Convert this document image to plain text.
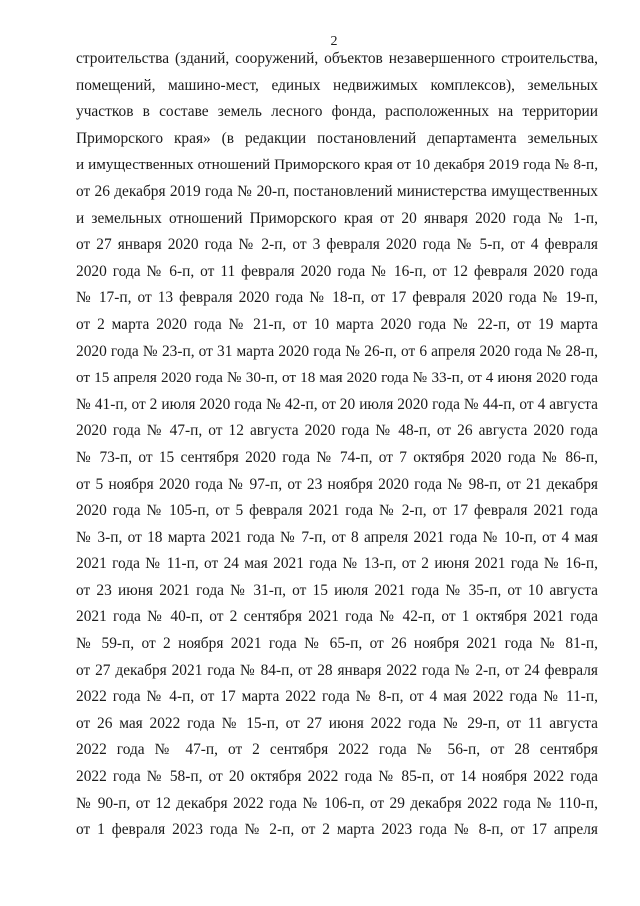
2
строительства (зданий, сооружений, объектов незавершенного строительства,
помещений, машино-мест, единых недвижимых комплексов), земельных
участков в составе земель лесного фонда, расположенных на территории
Приморского края» (в редакции постановлений департамента земельных
и имущественных отношений Приморского края от 10 декабря 2019 года № 8-п,
от 26 декабря 2019 года № 20-п, постановлений министерства имущественных
и земельных отношений Приморского края от 20 января 2020 года № 1-п,
от 27 января 2020 года № 2-п, от 3 февраля 2020 года № 5-п, от 4 февраля
2020 года № 6-п, от 11 февраля 2020 года № 16-п, от 12 февраля 2020 года
№ 17-п, от 13 февраля 2020 года № 18-п, от 17 февраля 2020 года № 19-п,
от 2 марта 2020 года № 21-п, от 10 марта 2020 года № 22-п, от 19 марта
2020 года № 23-п, от 31 марта 2020 года № 26-п, от 6 апреля 2020 года № 28-п,
от 15 апреля 2020 года № 30-п, от 18 мая 2020 года № 33-п, от 4 июня 2020 года
№ 41-п, от 2 июля 2020 года № 42-п, от 20 июля 2020 года № 44-п, от 4 августа
2020 года № 47-п, от 12 августа 2020 года № 48-п, от 26 августа 2020 года
№ 73-п, от 15 сентября 2020 года № 74-п, от 7 октября 2020 года № 86-п,
от 5 ноября 2020 года № 97-п, от 23 ноября 2020 года № 98-п, от 21 декабря
2020 года № 105-п, от 5 февраля 2021 года № 2-п, от 17 февраля 2021 года
№ 3-п, от 18 марта 2021 года № 7-п, от 8 апреля 2021 года № 10-п, от 4 мая
2021 года № 11-п, от 24 мая 2021 года № 13-п, от 2 июня 2021 года № 16-п,
от 23 июня 2021 года № 31-п, от 15 июля 2021 года № 35-п, от 10 августа
2021 года № 40-п, от 2 сентября 2021 года № 42-п, от 1 октября 2021 года
№ 59-п, от 2 ноября 2021 года № 65-п, от 26 ноября 2021 года № 81-п,
от 27 декабря 2021 года № 84-п, от 28 января 2022 года № 2-п, от 24 февраля
2022 года № 4-п, от 17 марта 2022 года № 8-п, от 4 мая 2022 года № 11-п,
от 26 мая 2022 года № 15-п, от 27 июня 2022 года № 29-п, от 11 августа
2022 года № 47-п, от 2 сентября 2022 года № 56-п, от 28 сентября
2022 года № 58-п, от 20 октября 2022 года № 85-п, от 14 ноября 2022 года
№ 90-п, от 12 декабря 2022 года № 106-п, от 29 декабря 2022 года № 110-п,
от 1 февраля 2023 года № 2-п, от 2 марта 2023 года № 8-п, от 17 апреля
